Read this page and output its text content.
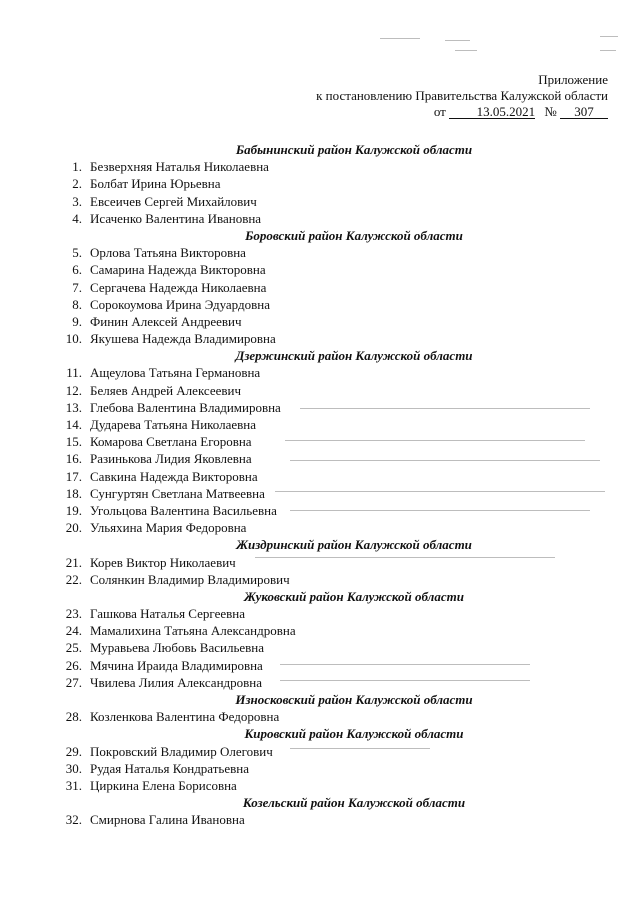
Приложение
к постановлению Правительства Калужской области
от 13.05.2021 № 307
Бабынинский район Калужской области
1. Безверхняя Наталья Николаевна
2. Болбат Ирина Юрьевна
3. Евсеичев Сергей Михайлович
4. Исаченко Валентина Ивановна
Боровский район Калужской области
5. Орлова Татьяна Викторовна
6. Самарина Надежда Викторовна
7. Сергачева Надежда Николаевна
8. Сорокоумова Ирина Эдуардовна
9. Финин Алексей Андреевич
10. Якушева Надежда Владимировна
Дзержинский район Калужской области
11. Ащеулова Татьяна Германовна
12. Беляев Андрей Алексеевич
13. Глебова Валентина Владимировна
14. Дударева Татьяна Николаевна
15. Комарова Светлана Егоровна
16. Разинькова Лидия Яковлевна
17. Савкина Надежда Викторовна
18. Сунгуртян Светлана Матвеевна
19. Угольцова Валентина Васильевна
20. Ульяхина Мария Федоровна
Жиздринский район Калужской области
21. Корев Виктор Николаевич
22. Солянкин Владимир Владимирович
Жуковский район Калужской области
23. Гашкова Наталья Сергеевна
24. Мамалихина Татьяна Александровна
25. Муравьева Любовь Васильевна
26. Мячина Ираида Владимировна
27. Чвилева Лилия Александровна
Износковский район Калужской области
28. Козленкова Валентина Федоровна
Кировский район Калужской области
29. Покровский Владимир Олегович
30. Рудая Наталья Кондратьевна
31. Циркина Елена Борисовна
Козельский район Калужской области
32. Смирнова Галина Ивановна
